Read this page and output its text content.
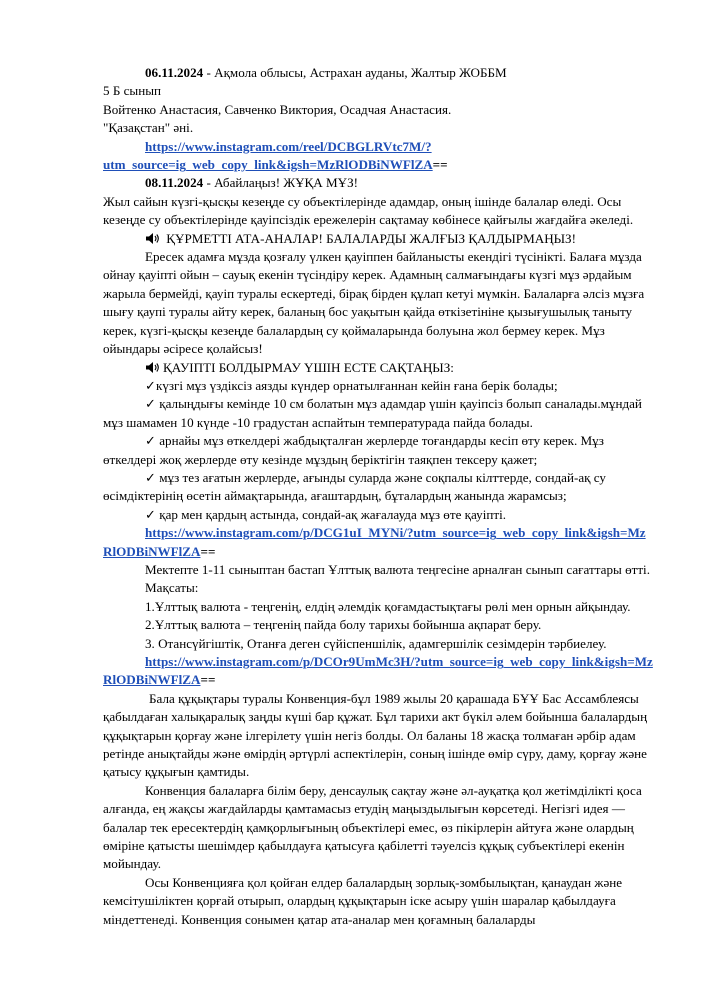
06.11.2024 - Ақмола облысы, Астрахан ауданы, Жалтыр ЖОББМ

5 Б сынып

Войтенко Анастасия, Савченко Виктория, Осадчая Анастасия.

"Қазақстан" әні.

https://www.instagram.com/reel/DCBGLRVtc7M/?utm_source=ig_web_copy_link&igsh=MzRlODBiNWFlZA==

08.11.2024 - Абайлаңыз! ЖҰҚА МҰЗ!

Жыл сайын күзгі-қысқы кезеңде су объектілерінде адамдар, оның ішінде балалар өледі. Осы кезеңде су объектілерінде қауіпсіздік ережелерін сақтамау көбінесе қайғылы жағдайға әкеледі.

ҚҰРМЕТТІ АТА-АНАЛАР! БАЛАЛАРДЫ ЖАЛҒЫЗ ҚАЛДЫРМАҢЫЗ!

Ересек адамға мұзда қозғалу үлкен қауіппен байланысты екендігі түсінікті. Балаға мұзда ойнау қауіпті ойын – сауық екенін түсіндіру керек. Адамның салмағындағы күзгі мұз әрдайым жарыла бермейді, қауіп туралы ескертеді, бірақ бірден құлап кетуі мүмкін. Балаларға әлсіз мұзға шығу қаупі туралы айту керек, баланың бос уақытын қайда өткізетініне қызығушылық таныту керек, күзгі-қысқы кезеңде балалардың су қоймаларында болуына жол бермеу керек. Мұз ойындары әсіресе қолайсыз!

ҚАУІПТІ БОЛДЫРМАУ ҮШІН ЕСТЕ САҚТАҢЫЗ:

✓күзгі мұз үздіксіз аязды күндер орнатылғаннан кейін ғана берік болады;

✓ қалыңдығы кемінде 10 см болатын мұз адамдар үшін қауіпсіз болып саналады.мұндай мұз шамамен 10 күнде -10 градустан аспайтын температурада пайда болады.

✓ арнайы мұз өткелдері жабдықталған жерлерде тоғандарды кесіп өту керек. Мұз өткелдері жоқ жерлерде өту кезінде мұздың беріктігін таяқпен тексеру қажет;

✓ мұз тез ағатын жерлерде, ағынды суларда және соқпалы кілттерде, сондай-ақ су өсімдіктерінің өсетін аймақтарында, ағаштардың, бұталардың жанында жарамсыз;

✓ қар мен қардың астында, сондай-ақ жағалауда мұз өте қауіпті.

https://www.instagram.com/p/DCG1uI_MYNi/?utm_source=ig_web_copy_link&igsh=MzRlODBiNWFlZA==

Мектепте 1-11 сыныптан бастап Ұлттық валюта теңгесіне арналған сынып сағаттары өтті.

Мақсаты:

1.Ұлттық валюта - теңгенің, елдің әлемдік қоғамдастықтағы рөлі мен орнын айқындау.

2.Ұлттық валюта – теңгенің пайда болу тарихы бойынша ақпарат беру.

3. Отансүйгіштік, Отанға деген сүйіспеншілік, адамгершілік сезімдерін тәрбиелеу.

https://www.instagram.com/p/DCOr9UmMc3H/?utm_source=ig_web_copy_link&igsh=MzRlODBiNWFlZA==

Бала құқықтары туралы Конвенция-бұл 1989 жылы 20 қарашада БҰҰ Бас Ассамблеясы қабылдаған халықаралық заңды күші бар құжат. Бұл тарихи акт бүкіл әлем бойынша балалардың құқықтарын қорғау және ілгерілету үшін негіз болды. Ол баланы 18 жасқа толмаған әрбір адам ретінде анықтайды және өмірдің әртүрлі аспектілерін, соның ішінде өмір сүру, даму, қорғау және қатысу құқығын қамтиды.

Конвенция балаларға білім беру, денсаулық сақтау және әл-ауқатқа қол жетімділікті қоса алғанда, ең жақсы жағдайларды қамтамасыз етудің маңыздылығын көрсетеді. Негізгі идея — балалар тек ересектердің қамқорлығының объектілері емес, өз пікірлерін айтуға және олардың өміріне қатысты шешімдер қабылдауға қатысуға қабілетті тәуелсіз құқық субъектілері екенін мойындау.

Осы Конвенцияға қол қойған елдер балалардың зорлық-зомбылықтан, қанаудан және кемсітушіліктен қорғай отырып, олардың құқықтарын іске асыру үшін шаралар қабылдауға міндеттенеді. Конвенция сонымен қатар ата-аналар мен қоғамның балаларды
